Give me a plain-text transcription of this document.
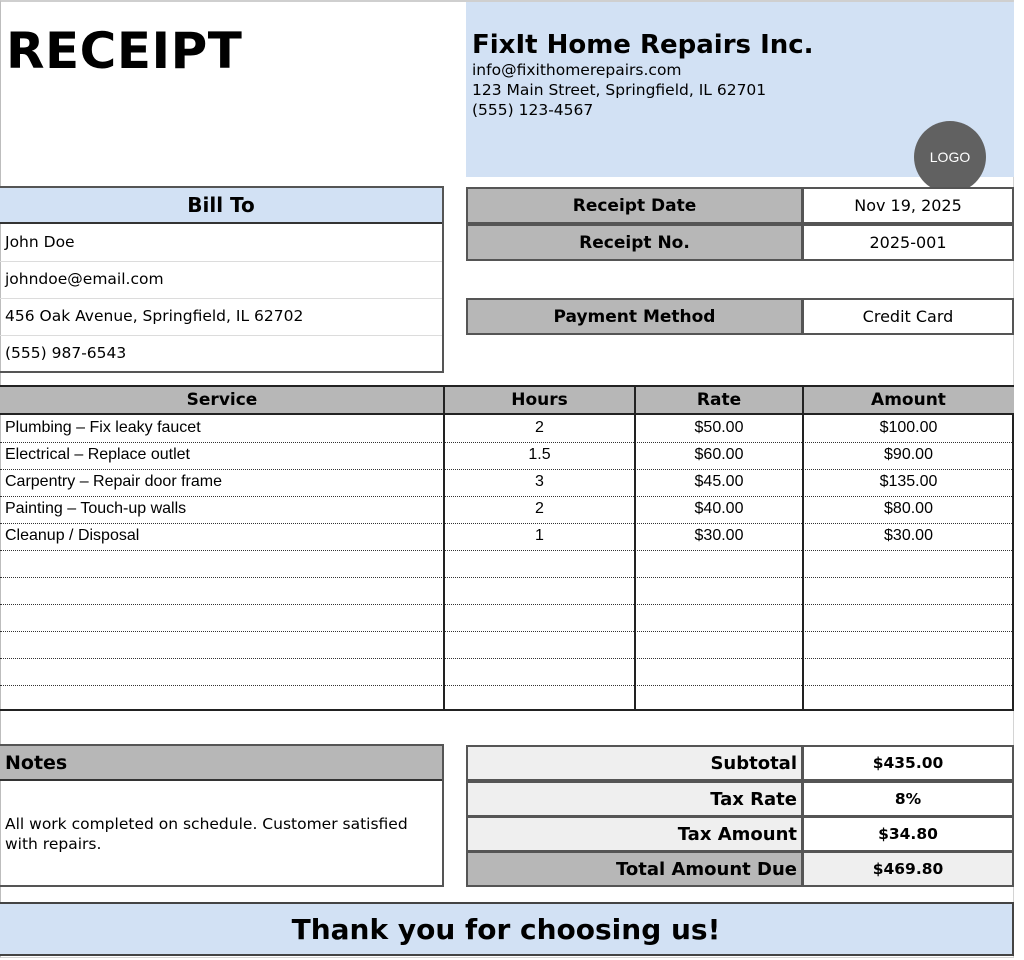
RECEIPT	FixIt Home Repairs Inc.
info@fixithomerepairs.com
123 Main Street, Springfield, IL 62701
(555) 123-4567
LOGO
Bill To
John Doe
johndoe@email.com
456 Oak Avenue, Springfield, IL 62702
(555) 987-6543
Receipt Date	Nov 19, 2025
Receipt No.	2025-001
Payment Method	Credit Card
Service	Hours	Rate	Amount
Plumbing – Fix leaky faucet	2	$50.00	$100.00
Electrical – Replace outlet	1.5	$60.00	$90.00
Carpentry – Repair door frame	3	$45.00	$135.00
Painting – Touch-up walls	2	$40.00	$80.00
Cleanup / Disposal	1	$30.00	$30.00
Notes
All work completed on schedule. Customer satisfied with repairs.
Subtotal	$435.00
Tax Rate	8%
Tax Amount	$34.80
Total Amount Due	$469.80
Thank you for choosing us!
